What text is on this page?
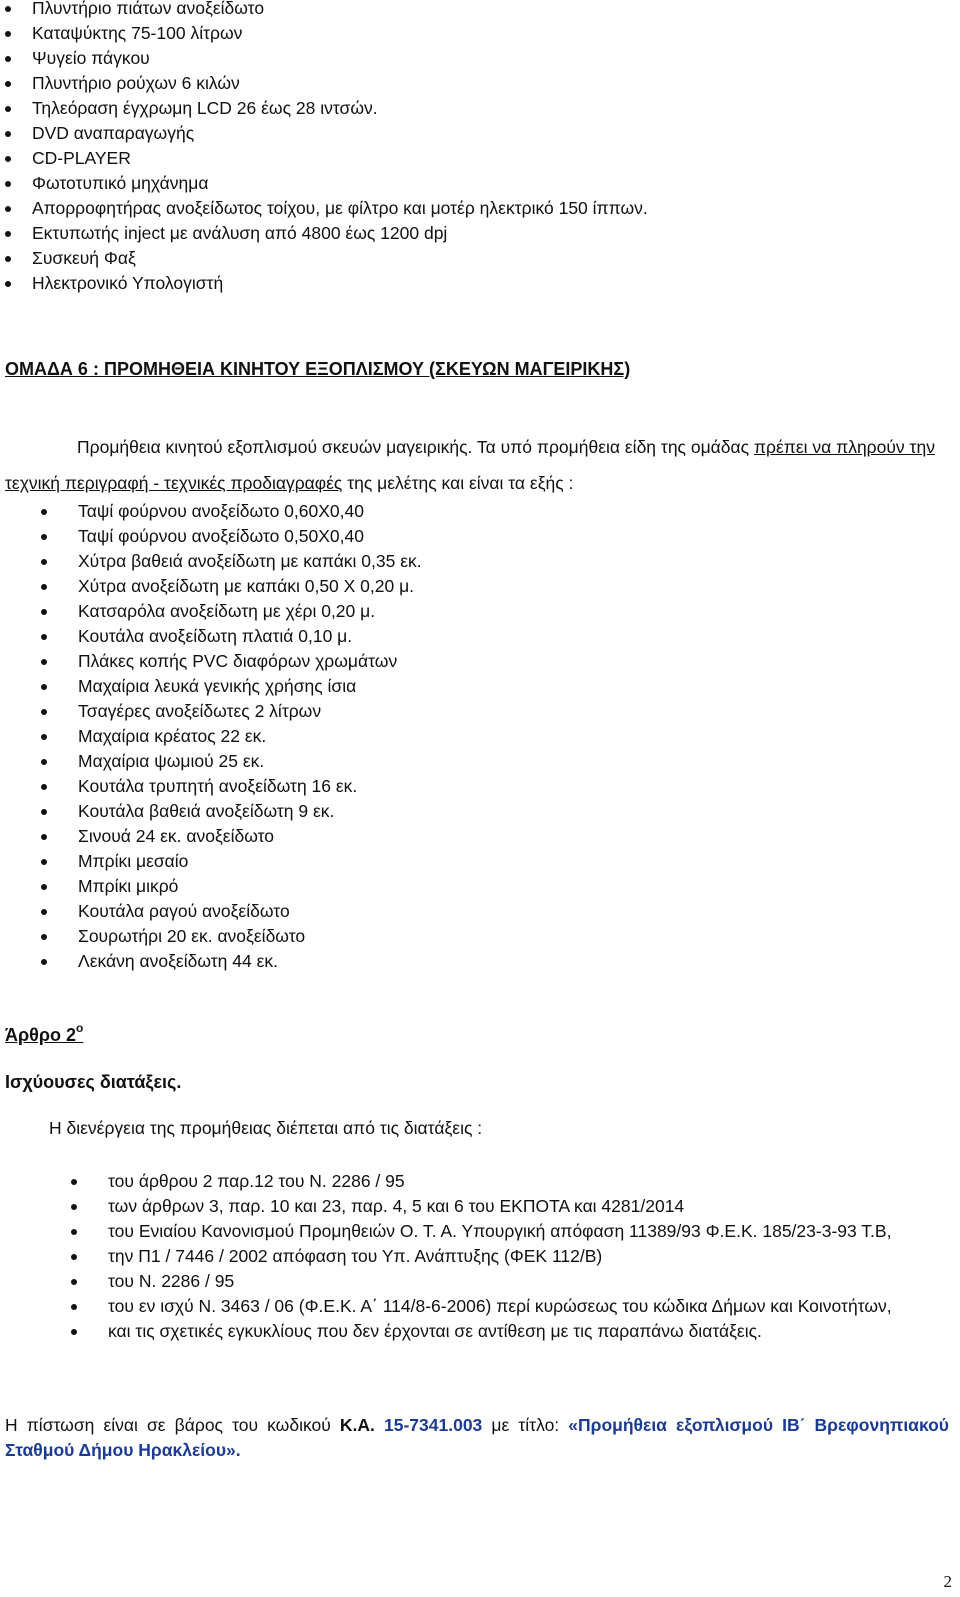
Πλυντήριο πιάτων ανοξείδωτο
Καταψύκτης 75-100 λίτρων
Ψυγείο πάγκου
Πλυντήριο ρούχων 6 κιλών
Τηλεόραση έγχρωμη LCD 26 έως 28 ιντσών.
DVD αναπαραγωγής
CD-PLAYER
Φωτοτυπικό μηχάνημα
Απορροφητήρας ανοξείδωτος τοίχου, με φίλτρο και μοτέρ ηλεκτρικό 150 ίππων.
Εκτυπωτής inject με ανάλυση από 4800 έως 1200 dpj
Συσκευή Φαξ
Ηλεκτρονικό Υπολογιστή
ΟΜΑΔΑ 6 : ΠΡΟΜΗΘΕΙΑ ΚΙΝΗΤΟΥ ΕΞΟΠΛΙΣΜΟΥ (ΣΚΕΥΩΝ ΜΑΓΕΙΡΙΚΗΣ)

Προμήθεια κινητού εξοπλισμού σκευών μαγειρικής. Τα υπό προμήθεια είδη της ομάδας πρέπει να πληρούν την τεχνική περιγραφή - τεχνικές προδιαγραφές της μελέτης και είναι τα εξής :

Ταψί φούρνου ανοξείδωτο 0,60Χ0,40
Ταψί φούρνου ανοξείδωτο 0,50Χ0,40
Χύτρα βαθειά ανοξείδωτη με καπάκι 0,35 εκ.
Χύτρα ανοξείδωτη με καπάκι 0,50 Χ 0,20 μ.
Κατσαρόλα ανοξείδωτη με χέρι 0,20 μ.
Κουτάλα ανοξείδωτη πλατιά 0,10 μ.
Πλάκες κοπής PVC διαφόρων χρωμάτων
Μαχαίρια λευκά γενικής χρήσης ίσια
Τσαγέρες ανοξείδωτες 2 λίτρων
Μαχαίρια κρέατος 22 εκ.
Μαχαίρια ψωμιού 25 εκ.
Κουτάλα τρυπητή ανοξείδωτη 16 εκ.
Κουτάλα βαθειά ανοξείδωτη 9 εκ.
Σινουά 24 εκ. ανοξείδωτο
Μπρίκι μεσαίο
Μπρίκι μικρό
Κουτάλα ραγού ανοξείδωτο
Σουρωτήρι 20 εκ. ανοξείδωτο
Λεκάνη ανοξείδωτη 44 εκ.
Άρθρο $2^o$
Ισχύουσες διατάξεις.

Η διενέργεια της προμήθειας διέπεται από τις διατάξεις :

του άρθρου 2 παρ.12 του Ν. 2286 / 95
των άρθρων 3, παρ. 10 και 23, παρ. 4, 5 και 6 του ΕΚΠΟΤΑ και 4281/2014
του Ενιαίου Κανονισμού Προμηθειών Ο. Τ. Α. Υπουργική απόφαση 11389/93 Φ.Ε.Κ. 185/23-3-93 Τ.Β,
την Π1 / 7446 / 2002 απόφαση του Υπ. Ανάπτυξης (ΦΕΚ 112/Β)
του Ν. 2286 / 95
του εν ισχύ Ν. 3463 / 06 (Φ.Ε.Κ. Α΄ 114/8-6-2006) περί κυρώσεως του κώδικα Δήμων και Κοινοτήτων,
και τις σχετικές εγκυκλίους που δεν έρχονται σε αντίθεση με τις παραπάνω διατάξεις.

Η πίστωση είναι σε βάρος του κωδικού Κ.Α. 15-7341.003 με τίτλο: «Προμήθεια εξοπλισμού ΙΒ΄ Βρεφονηπιακού Σταθμού Δήμου Ηρακλείου».

2
